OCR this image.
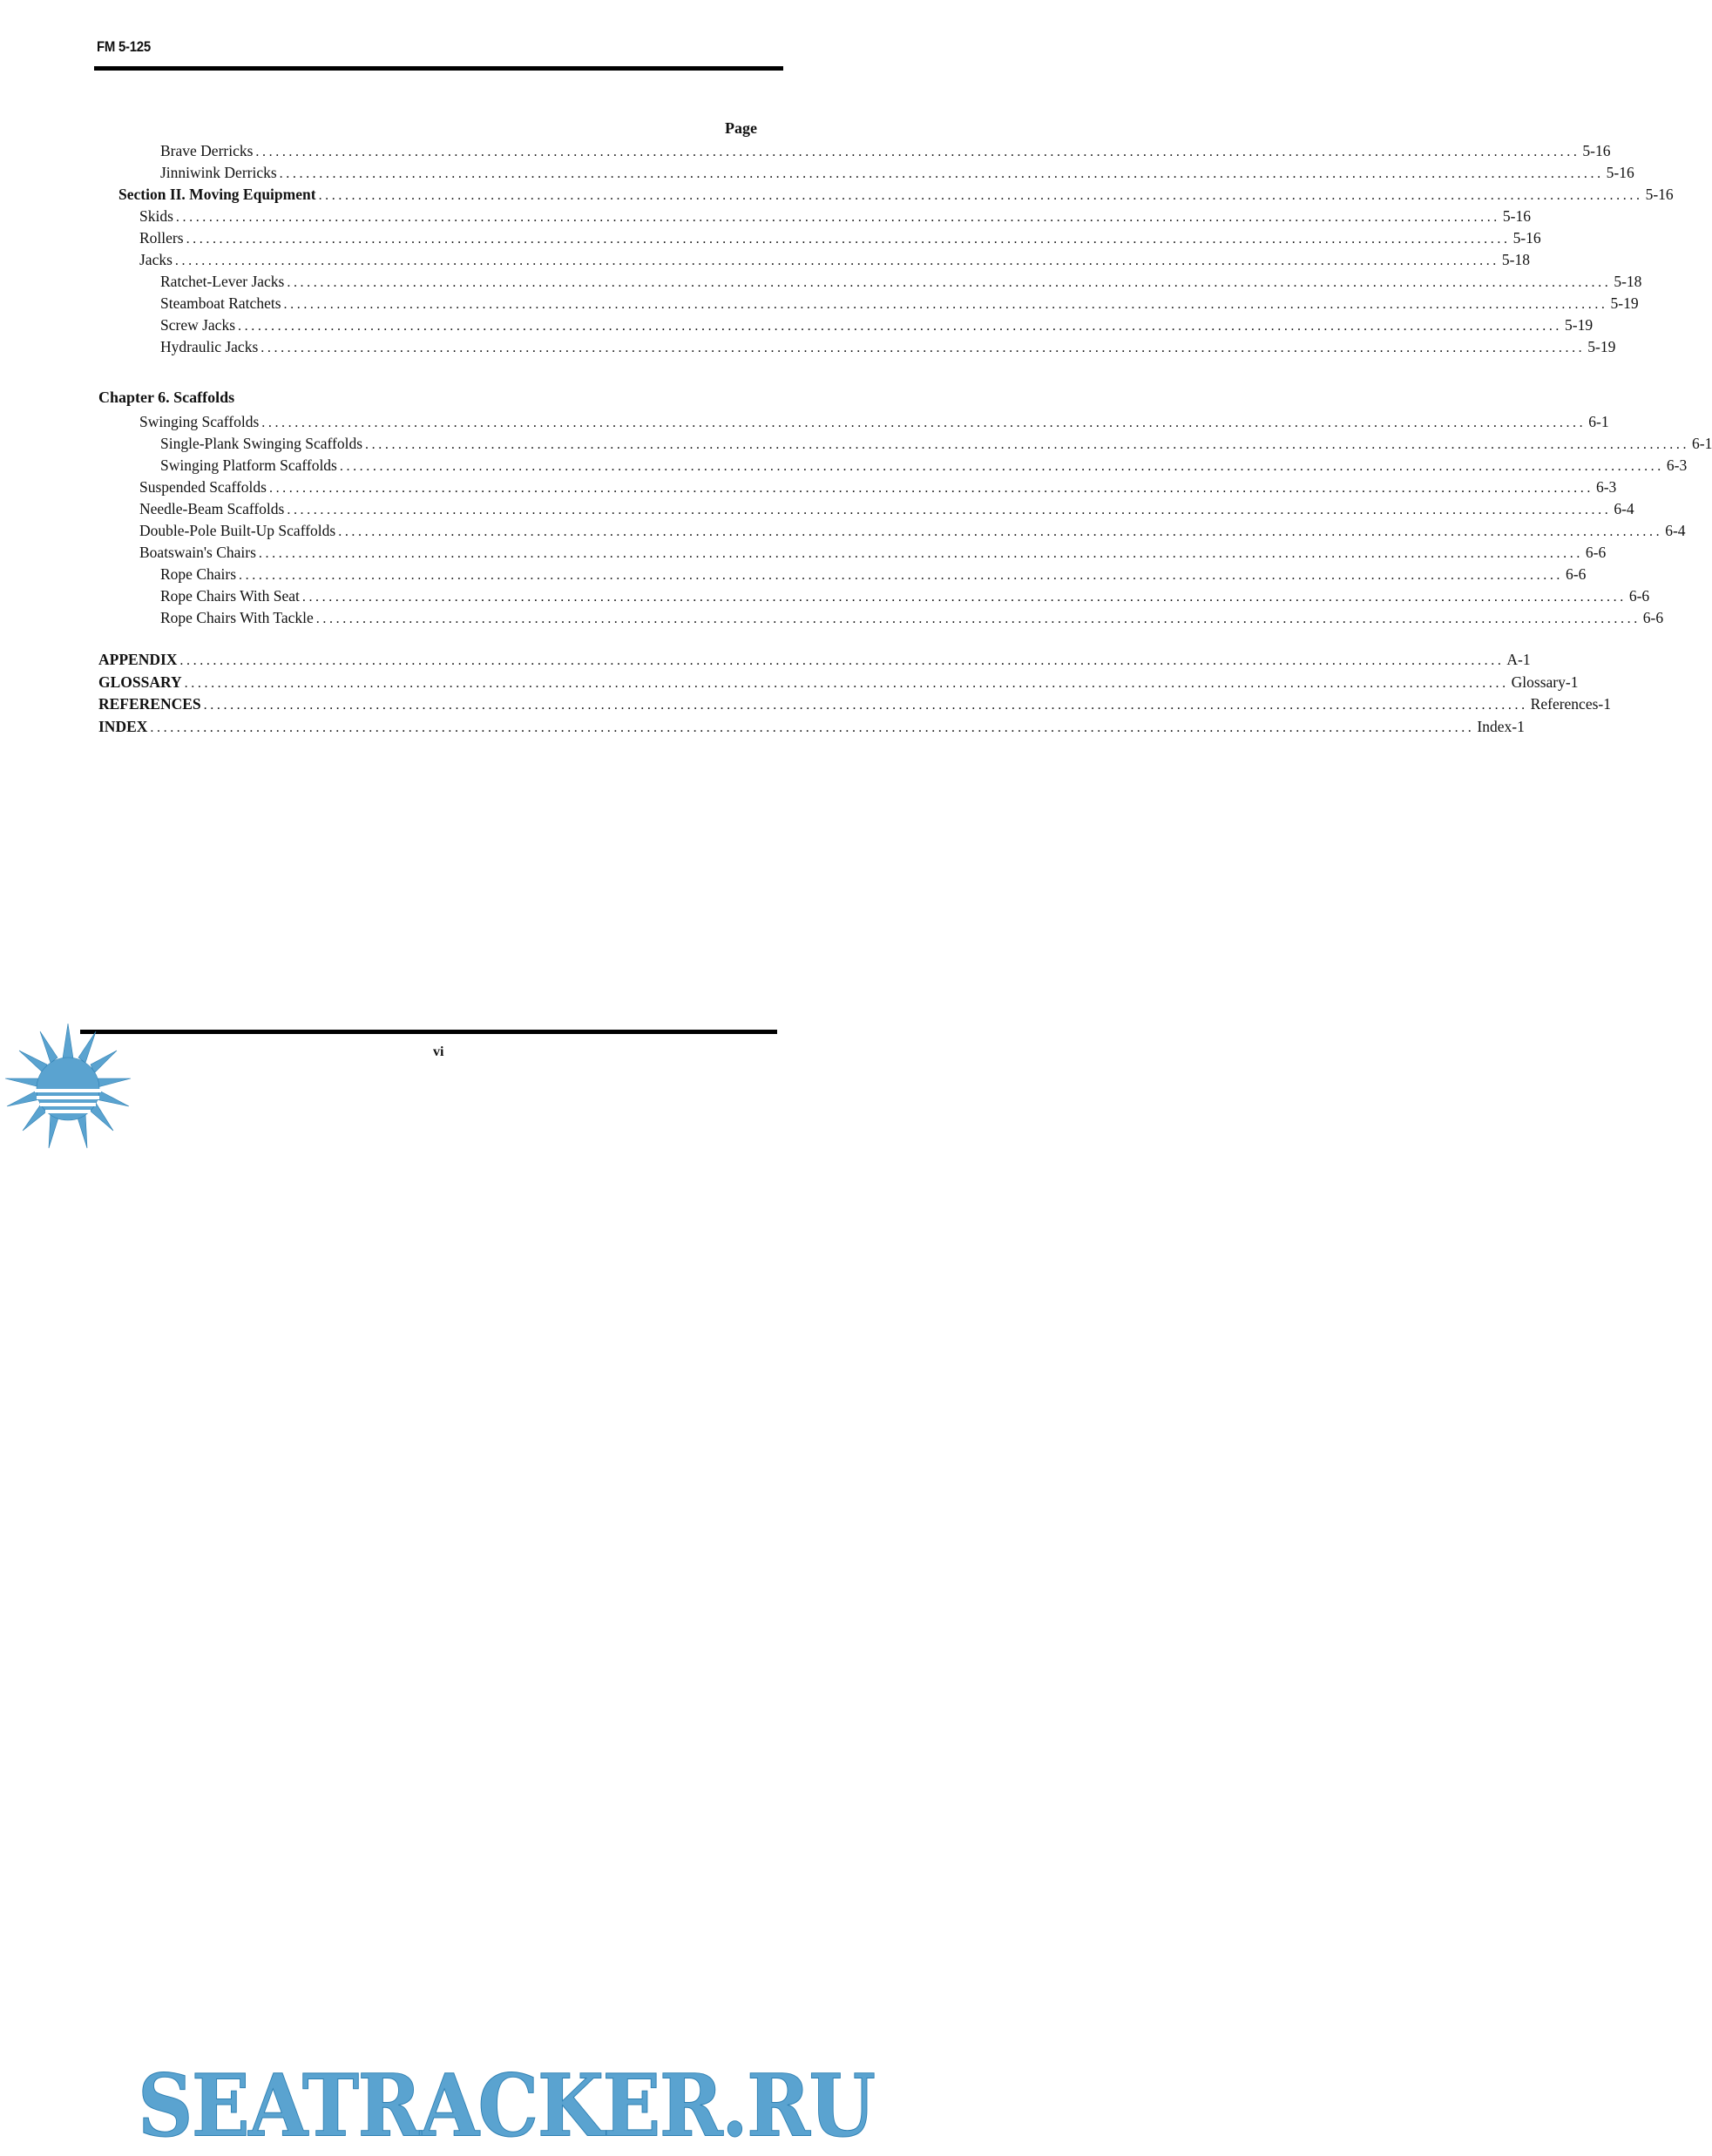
FM 5-125
Page
Brave Derricks ........................................................................................................................................................................................................ 5-16
Jinniwink Derricks ........................................................................................................................................................................................................ 5-16
Section II. Moving Equipment ........................................................................................................................................................................................................ 5-16
Skids ........................................................................................................................................................................................................ 5-16
Rollers ........................................................................................................................................................................................................ 5-16
Jacks ........................................................................................................................................................................................................ 5-18
Ratchet-Lever Jacks ........................................................................................................................................................................................................ 5-18
Steamboat Ratchets ........................................................................................................................................................................................................ 5-19
Screw Jacks ........................................................................................................................................................................................................ 5-19
Hydraulic Jacks ........................................................................................................................................................................................................ 5-19
Swinging Scaffolds ........................................................................................................................................................................................................ 6-1
Single-Plank Swinging Scaffolds ........................................................................................................................................................................................................ 6-1
Swinging Platform Scaffolds ........................................................................................................................................................................................................ 6-3
Suspended Scaffolds ........................................................................................................................................................................................................ 6-3
Needle-Beam Scaffolds ........................................................................................................................................................................................................ 6-4
Double-Pole Built-Up Scaffolds ........................................................................................................................................................................................................ 6-4
Boatswain's Chairs ........................................................................................................................................................................................................ 6-6
Rope Chairs ........................................................................................................................................................................................................ 6-6
Rope Chairs With Seat ........................................................................................................................................................................................................ 6-6
Rope Chairs With Tackle ........................................................................................................................................................................................................ 6-6
APPENDIX ........................................................................................................................................................................................................ A-1
GLOSSARY ........................................................................................................................................................................................................ Glossary-1
REFERENCES ........................................................................................................................................................................................................ References-1
INDEX ........................................................................................................................................................................................................ Index-1
Chapter 6. Scaffolds
SEATRACKER.RU
vi
